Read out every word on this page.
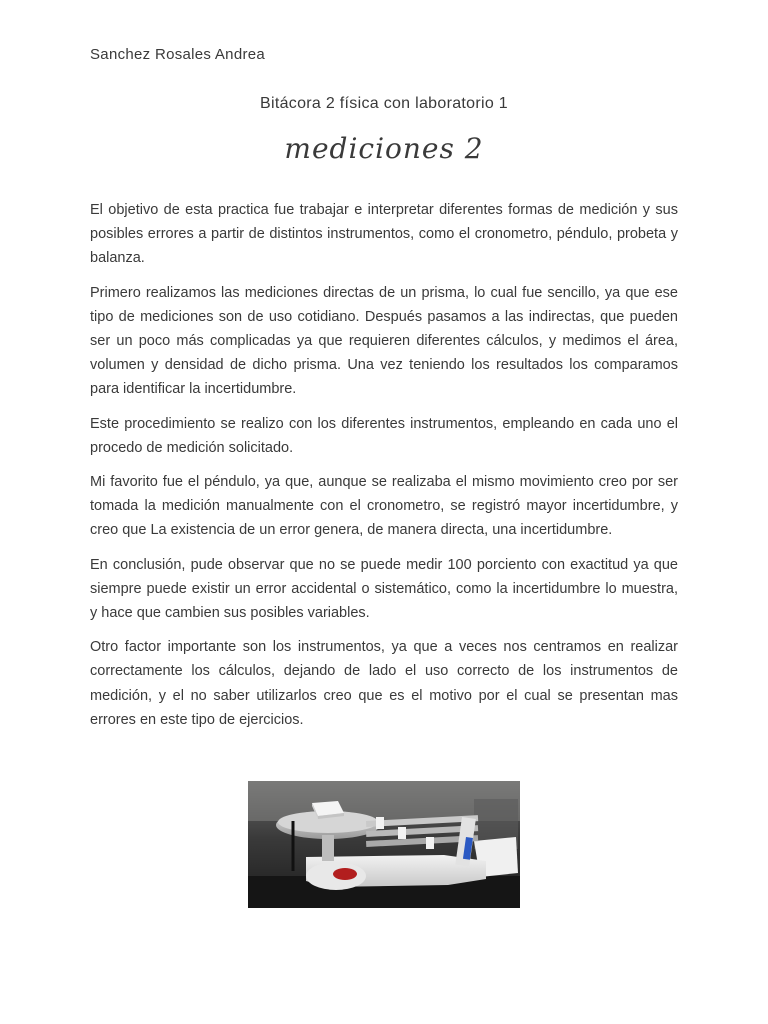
Sanchez Rosales Andrea
Bitácora 2 física con laboratorio 1
mediciones 2

El objetivo de esta practica fue trabajar e interpretar diferentes formas de medición y sus posibles errores a partir de distintos instrumentos, como el cronometro, péndulo, probeta y balanza.

Primero realizamos las mediciones directas de un prisma, lo cual fue sencillo, ya que ese tipo de mediciones son de uso cotidiano. Después pasamos a las indirectas, que pueden ser un poco más complicadas ya que requieren diferentes cálculos, y medimos el área, volumen y densidad de dicho prisma. Una vez teniendo los resultados los comparamos para identificar la incertidumbre.

Este procedimiento se realizo con los diferentes instrumentos, empleando en cada uno el procedo de medición solicitado.

Mi favorito fue el péndulo, ya que, aunque se realizaba el mismo movimiento creo por ser tomada la medición manualmente con el cronometro, se registró mayor incertidumbre, y creo que La existencia de un error genera, de manera directa, una incertidumbre.

En conclusión, pude observar que no se puede medir 100 porciento con exactitud ya que siempre puede existir un error accidental o sistemático, como la incertidumbre lo muestra, y hace que cambien sus posibles variables.

Otro factor importante son los instrumentos, ya que a veces nos centramos en realizar correctamente los cálculos, dejando de lado el uso correcto de los instrumentos de medición, y el no saber utilizarlos creo que es el motivo por el cual se presentan mas errores en este tipo de ejercicios.
